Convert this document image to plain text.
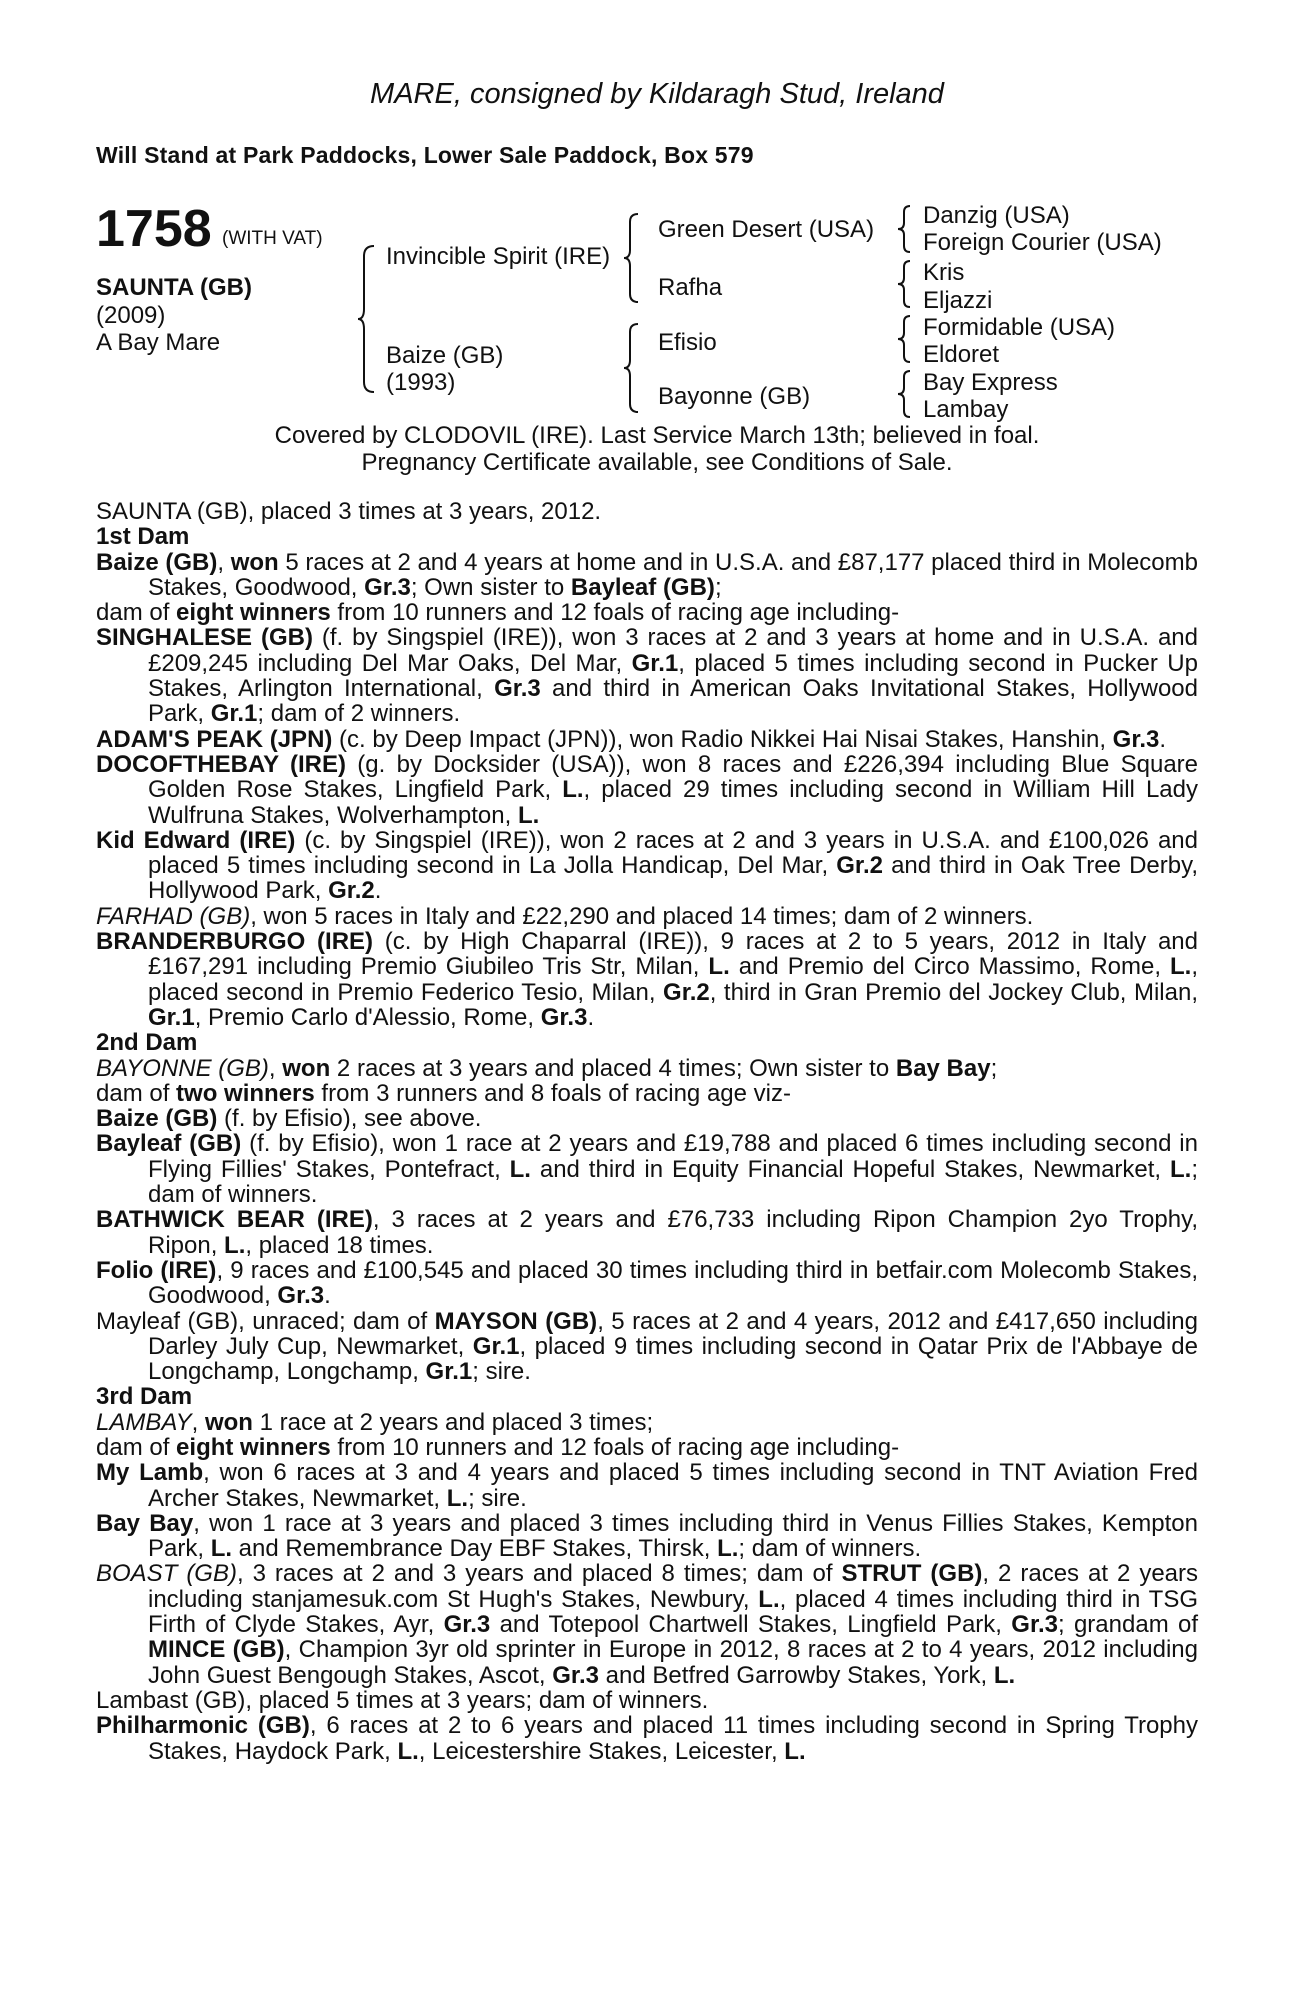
MARE, consigned by Kildaragh Stud, Ireland
Will Stand at Park Paddocks, Lower Sale Paddock, Box 579
1758 (WITH VAT)
SAUNTA (GB)
(2009)
A Bay Mare
Invincible Spirit (IRE)
Green Desert (USA)
Rafha
Danzig (USA)
Foreign Courier (USA)
Kris
Eljazzi
Baize (GB)
(1993)
Efisio
Bayonne (GB)
Formidable (USA)
Eldoret
Bay Express
Lambay
Covered by CLODOVIL (IRE). Last Service March 13th; believed in foal.
Pregnancy Certificate available, see Conditions of Sale.

SAUNTA (GB), placed 3 times at 3 years, 2012.

1st Dam

Baize (GB), won 5 races at 2 and 4 years at home and in U.S.A. and £87,177 placed third in Molecomb Stakes, Goodwood, Gr.3; Own sister to Bayleaf (GB);

dam of eight winners from 10 runners and 12 foals of racing age including-

SINGHALESE (GB) (f. by Singspiel (IRE)), won 3 races at 2 and 3 years at home and in U.S.A. and £209,245 including Del Mar Oaks, Del Mar, Gr.1, placed 5 times including second in Pucker Up Stakes, Arlington International, Gr.3 and third in American Oaks Invitational Stakes, Hollywood Park, Gr.1; dam of 2 winners.

ADAM'S PEAK (JPN) (c. by Deep Impact (JPN)), won Radio Nikkei Hai Nisai Stakes, Hanshin, Gr.3.

DOCOFTHEBAY (IRE) (g. by Docksider (USA)), won 8 races and £226,394 including Blue Square Golden Rose Stakes, Lingfield Park, L., placed 29 times including second in William Hill Lady Wulfruna Stakes, Wolverhampton, L.

Kid Edward (IRE) (c. by Singspiel (IRE)), won 2 races at 2 and 3 years in U.S.A. and £100,026 and placed 5 times including second in La Jolla Handicap, Del Mar, Gr.2 and third in Oak Tree Derby, Hollywood Park, Gr.2.

FARHAD (GB), won 5 races in Italy and £22,290 and placed 14 times; dam of 2 winners.

BRANDERBURGO (IRE) (c. by High Chaparral (IRE)), 9 races at 2 to 5 years, 2012 in Italy and £167,291 including Premio Giubileo Tris Str, Milan, L. and Premio del Circo Massimo, Rome, L., placed second in Premio Federico Tesio, Milan, Gr.2, third in Gran Premio del Jockey Club, Milan, Gr.1, Premio Carlo d'Alessio, Rome, Gr.3.

2nd Dam

BAYONNE (GB), won 2 races at 3 years and placed 4 times; Own sister to Bay Bay;

dam of two winners from 3 runners and 8 foals of racing age viz-

Baize (GB) (f. by Efisio), see above.

Bayleaf (GB) (f. by Efisio), won 1 race at 2 years and £19,788 and placed 6 times including second in Flying Fillies' Stakes, Pontefract, L. and third in Equity Financial Hopeful Stakes, Newmarket, L.; dam of winners.

BATHWICK BEAR (IRE), 3 races at 2 years and £76,733 including Ripon Champion 2yo Trophy, Ripon, L., placed 18 times.

Folio (IRE), 9 races and £100,545 and placed 30 times including third in betfair.com Molecomb Stakes, Goodwood, Gr.3.

Mayleaf (GB), unraced; dam of MAYSON (GB), 5 races at 2 and 4 years, 2012 and £417,650 including Darley July Cup, Newmarket, Gr.1, placed 9 times including second in Qatar Prix de l'Abbaye de Longchamp, Longchamp, Gr.1; sire.

3rd Dam

LAMBAY, won 1 race at 2 years and placed 3 times;

dam of eight winners from 10 runners and 12 foals of racing age including-

My Lamb, won 6 races at 3 and 4 years and placed 5 times including second in TNT Aviation Fred Archer Stakes, Newmarket, L.; sire.

Bay Bay, won 1 race at 3 years and placed 3 times including third in Venus Fillies Stakes, Kempton Park, L. and Remembrance Day EBF Stakes, Thirsk, L.; dam of winners.

BOAST (GB), 3 races at 2 and 3 years and placed 8 times; dam of STRUT (GB), 2 races at 2 years including stanjamesuk.com St Hugh's Stakes, Newbury, L., placed 4 times including third in TSG Firth of Clyde Stakes, Ayr, Gr.3 and Totepool Chartwell Stakes, Lingfield Park, Gr.3; grandam of MINCE (GB), Champion 3yr old sprinter in Europe in 2012, 8 races at 2 to 4 years, 2012 including John Guest Bengough Stakes, Ascot, Gr.3 and Betfred Garrowby Stakes, York, L.

Lambast (GB), placed 5 times at 3 years; dam of winners.

Philharmonic (GB), 6 races at 2 to 6 years and placed 11 times including second in Spring Trophy Stakes, Haydock Park, L., Leicestershire Stakes, Leicester, L.
